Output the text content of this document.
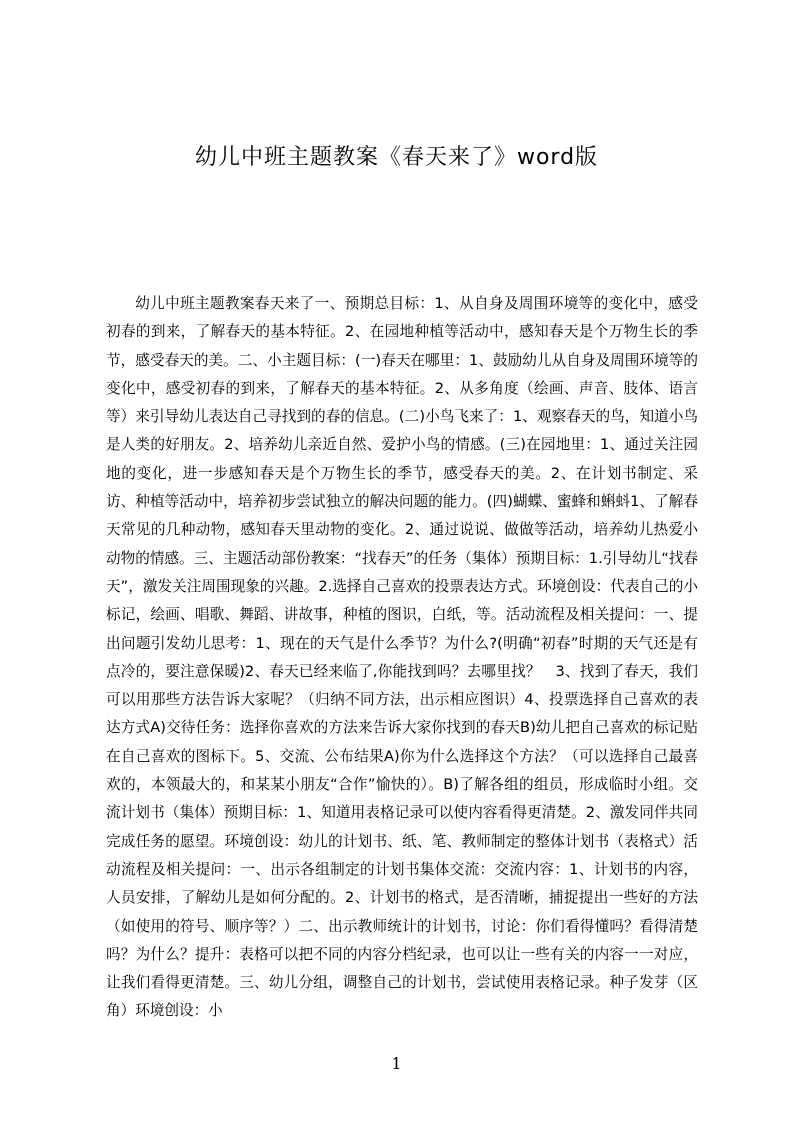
幼儿中班主题教案《春天来了》word版

幼儿中班主题教案春天来了一、预期总目标：1、从自身及周围环境等的变化中，感受初春的到来，了解春天的基本特征。2、在园地种植等活动中，感知春天是个万物生长的季节，感受春天的美。二、小主题目标：(一)春天在哪里：1、鼓励幼儿从自身及周围环境等的变化中，感受初春的到来，了解春天的基本特征。2、从多角度（绘画、声音、肢体、语言等）来引导幼儿表达自己寻找到的春的信息。(二)小鸟飞来了：1、观察春天的鸟，知道小鸟是人类的好朋友。2、培养幼儿亲近自然、爱护小鸟的情感。(三)在园地里：1、通过关注园地的变化，进一步感知春天是个万物生长的季节，感受春天的美。2、在计划书制定、采访、种植等活动中，培养初步尝试独立的解决问题的能力。(四)蝴蝶、蜜蜂和蝌蚪1、了解春天常见的几种动物，感知春天里动物的变化。2、通过说说、做做等活动，培养幼儿热爱小动物的情感。三、主题活动部份教案：“找春天”的任务（集体）预期目标：1.引导幼儿“找春天”，激发关注周围现象的兴趣。2.选择自己喜欢的投票表达方式。环境创设：代表自己的小标记，绘画、唱歌、舞蹈、讲故事，种植的图识，白纸，等。活动流程及相关提问：一、提出问题引发幼儿思考：1、现在的天气是什么季节？为什么?(明确“初春”时期的天气还是有点冷的，要注意保暖)2、春天已经来临了,你能找到吗？去哪里找？　3、找到了春天，我们可以用那些方法告诉大家呢？（归纳不同方法，出示相应图识）4、投票选择自己喜欢的表达方式A)交待任务：选择你喜欢的方法来告诉大家你找到的春天B)幼儿把自己喜欢的标记贴在自己喜欢的图标下。5、交流、公布结果A)你为什么选择这个方法？（可以选择自己最喜欢的，本领最大的，和某某小朋友“合作”愉快的）。B)了解各组的组员，形成临时小组。交流计划书（集体）预期目标：1、知道用表格记录可以使内容看得更清楚。2、激发同伴共同完成任务的愿望。环境创设：幼儿的计划书、纸、笔、教师制定的整体计划书（表格式）活动流程及相关提问：一、出示各组制定的计划书集体交流：交流内容：1、计划书的内容，人员安排，了解幼儿是如何分配的。2、计划书的格式，是否清晰，捕捉提出一些好的方法（如使用的符号、顺序等？）二、出示教师统计的计划书，讨论：你们看得懂吗？看得清楚吗？为什么？提升：表格可以把不同的内容分档纪录，也可以让一些有关的内容一一对应，让我们看得更清楚。三、幼儿分组，调整自己的计划书，尝试使用表格记录。种子发芽（区角）环境创设：小

1
